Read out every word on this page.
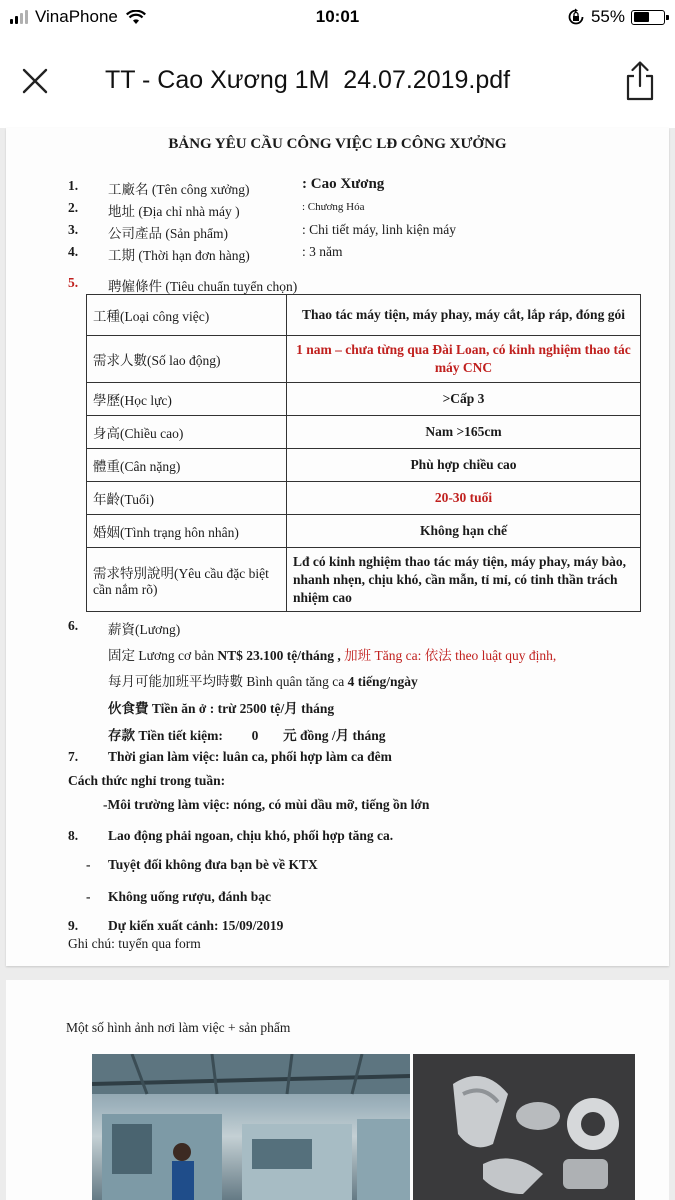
VinaPhone	10:01	55%
TT - Cao Xương 1M  24.07.2019.pdf
BẢNG YÊU CẦU CÔNG VIỆC LĐ CÔNG XƯỞNG
1. 工廠名 (Tên công xưởng)	: Cao Xương
2. 地址 (Địa chỉ nhà máy )	: Chương Hóa
3. 公司產品 (Sản phẩm)	: Chi tiết máy, linh kiện máy
4. 工期 (Thời hạn đơn hàng)	: 3 năm
5. 聘僱條件 (Tiêu chuẩn tuyển chọn)
工種(Loại công việc)	Thao tác máy tiện, máy phay, máy cắt, lắp ráp, đóng gói
需求人數(Số lao động)	1 nam – chưa từng qua Đài Loan, có kinh nghiệm thao tác máy CNC
學歷(Học lực)	>Cấp 3
身高(Chiều cao)	Nam >165cm
體重(Cân nặng)	Phù hợp chiều cao
年齡(Tuổi)	20-30 tuổi
婚姻(Tình trạng hôn nhân)	Không hạn chế
需求特別說明(Yêu cầu đặc biệt cần nắm rõ)	Lđ có kinh nghiệm thao tác máy tiện, máy phay, máy bào, nhanh nhẹn, chịu khó, cần mẫn, tỉ mỉ, có tinh thần trách nhiệm cao
6. 薪資(Lương)
固定 Lương cơ bản NT$ 23.100 tệ/tháng , 加班 Tăng ca: 依法 theo luật quy định,
每月可能加班平均時數 Bình quân tăng ca 4 tiếng/ngày
伙食費 Tiền ăn ở : trừ 2500 tệ/月 tháng
存款 Tiền tiết kiệm: 0 元 đồng /月 tháng
7. Thời gian làm việc: luân ca, phối hợp làm ca đêm
Cách thức nghỉ trong tuần:
-Môi trường làm việc: nóng, có mùi dầu mỡ, tiếng ồn lớn
8. Lao động phải ngoan, chịu khó, phối hợp tăng ca.
- Tuyệt đối không đưa bạn bè về KTX
- Không uống rượu, đánh bạc
9. Dự kiến xuất cảnh: 15/09/2019
Ghi chú: tuyển qua form
Một số hình ảnh nơi làm việc + sản phẩm
